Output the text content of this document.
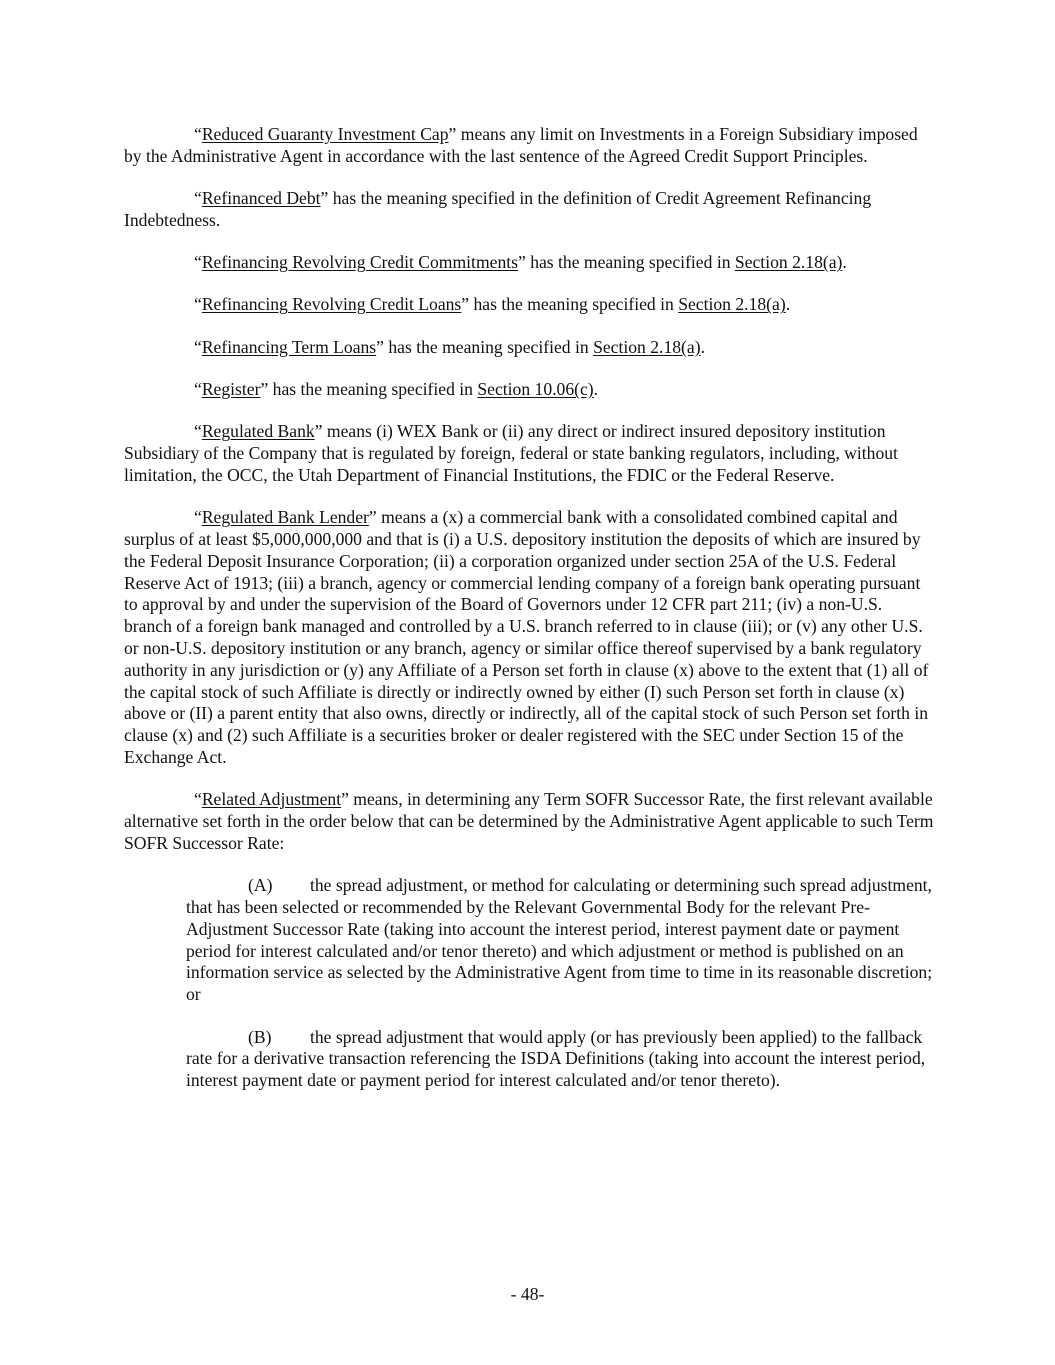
“Reduced Guaranty Investment Cap” means any limit on Investments in a Foreign Subsidiary imposed by the Administrative Agent in accordance with the last sentence of the Agreed Credit Support Principles.

“Refinanced Debt” has the meaning specified in the definition of Credit Agreement Refinancing Indebtedness.

“Refinancing Revolving Credit Commitments” has the meaning specified in Section 2.18(a).

“Refinancing Revolving Credit Loans” has the meaning specified in Section 2.18(a).

“Refinancing Term Loans” has the meaning specified in Section 2.18(a).

“Register” has the meaning specified in Section 10.06(c).

“Regulated Bank” means (i) WEX Bank or (ii) any direct or indirect insured depository institution Subsidiary of the Company that is regulated by foreign, federal or state banking regulators, including, without limitation, the OCC, the Utah Department of Financial Institutions, the FDIC or the Federal Reserve.

“Regulated Bank Lender” means a (x) a commercial bank with a consolidated combined capital and surplus of at least $5,000,000,000 and that is (i) a U.S. depository institution the deposits of which are insured by the Federal Deposit Insurance Corporation; (ii) a corporation organized under section 25A of the U.S. Federal Reserve Act of 1913; (iii) a branch, agency or commercial lending company of a foreign bank operating pursuant to approval by and under the supervision of the Board of Governors under 12 CFR part 211; (iv) a non-U.S. branch of a foreign bank managed and controlled by a U.S. branch referred to in clause (iii); or (v) any other U.S. or non-U.S. depository institution or any branch, agency or similar office thereof supervised by a bank regulatory authority in any jurisdiction or (y) any Affiliate of a Person set forth in clause (x) above to the extent that (1) all of the capital stock of such Affiliate is directly or indirectly owned by either (I) such Person set forth in clause (x) above or (II) a parent entity that also owns, directly or indirectly, all of the capital stock of such Person set forth in clause (x) and (2) such Affiliate is a securities broker or dealer registered with the SEC under Section 15 of the Exchange Act.

“Related Adjustment” means, in determining any Term SOFR Successor Rate, the first relevant available alternative set forth in the order below that can be determined by the Administrative Agent applicable to such Term SOFR Successor Rate:

(A) the spread adjustment, or method for calculating or determining such spread adjustment, that has been selected or recommended by the Relevant Governmental Body for the relevant Pre-Adjustment Successor Rate (taking into account the interest period, interest payment date or payment period for interest calculated and/or tenor thereto) and which adjustment or method is published on an information service as selected by the Administrative Agent from time to time in its reasonable discretion; or

(B) the spread adjustment that would apply (or has previously been applied) to the fallback rate for a derivative transaction referencing the ISDA Definitions (taking into account the interest period, interest payment date or payment period for interest calculated and/or tenor thereto).

- 48-
